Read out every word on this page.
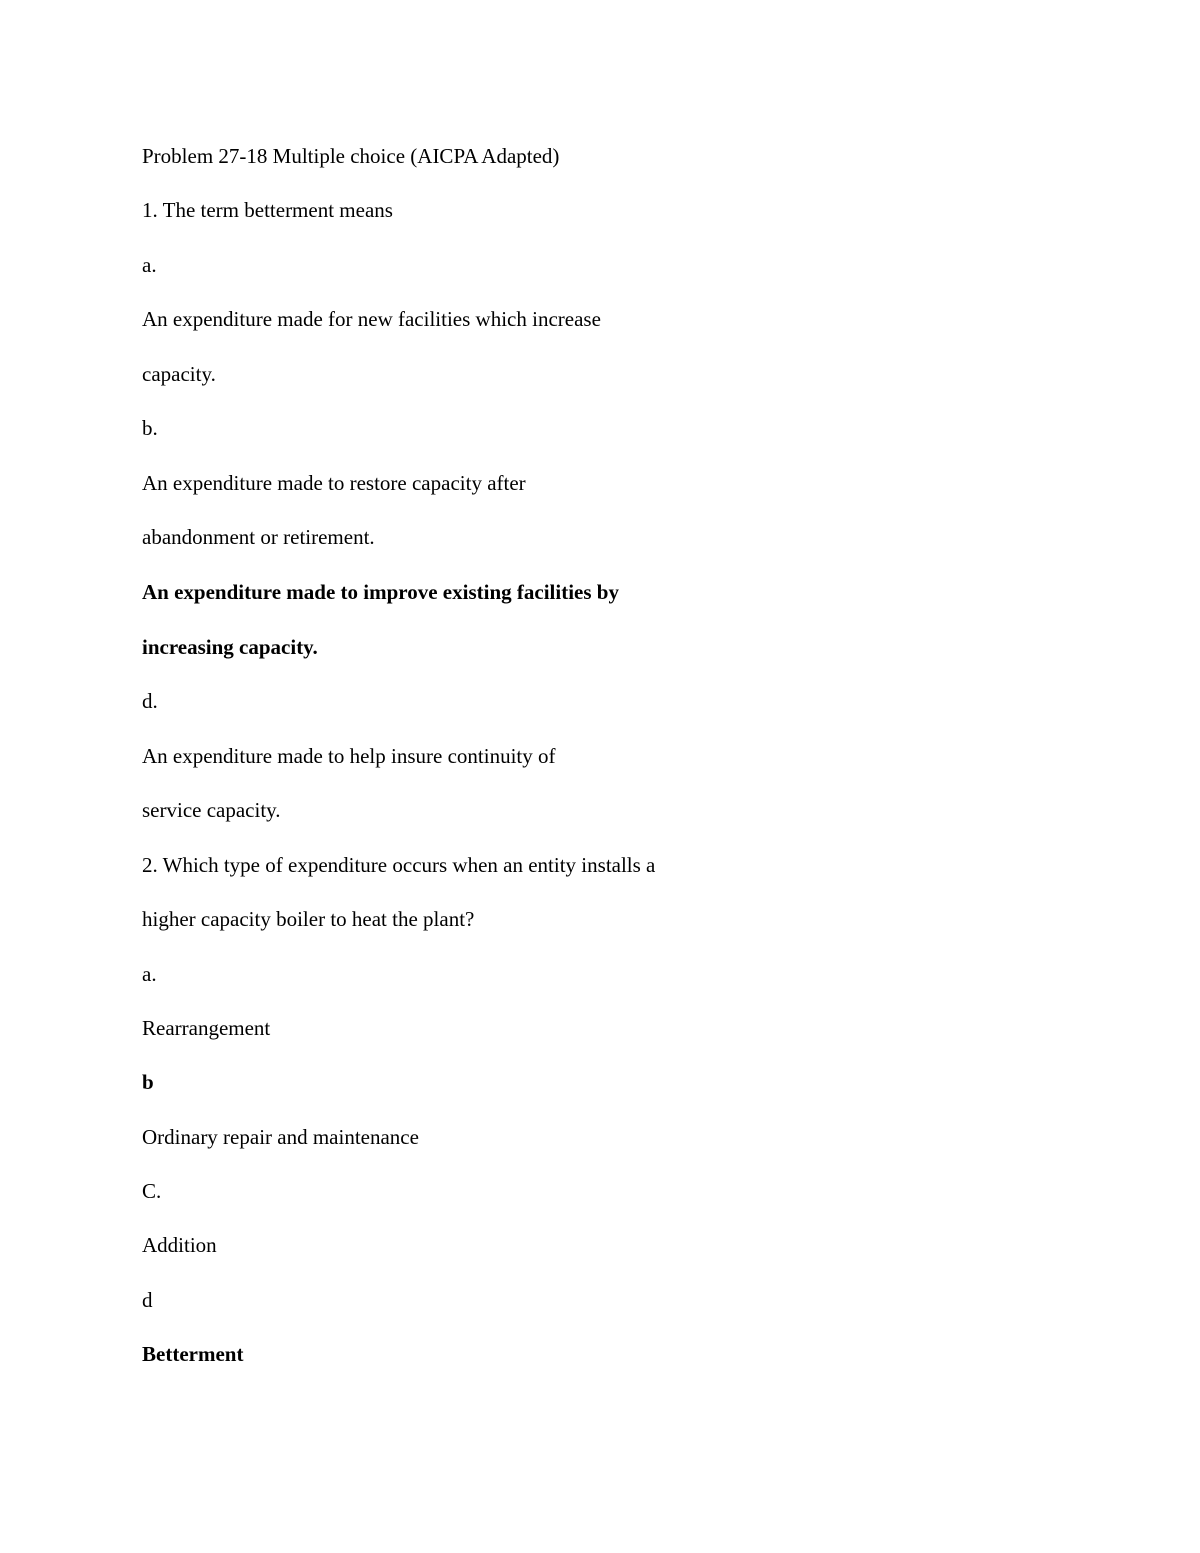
Problem 27-18 Multiple choice (AICPA Adapted)
1. The term betterment means
a.
An expenditure made for new facilities which increase
capacity.
b.
An expenditure made to restore capacity after
abandonment or retirement.
An expenditure made to improve existing facilities by
increasing capacity.
d.
An expenditure made to help insure continuity of
service capacity.
2. Which type of expenditure occurs when an entity installs a
higher capacity boiler to heat the plant?
a.
Rearrangement
b
Ordinary repair and maintenance
C.
Addition
d
Betterment
